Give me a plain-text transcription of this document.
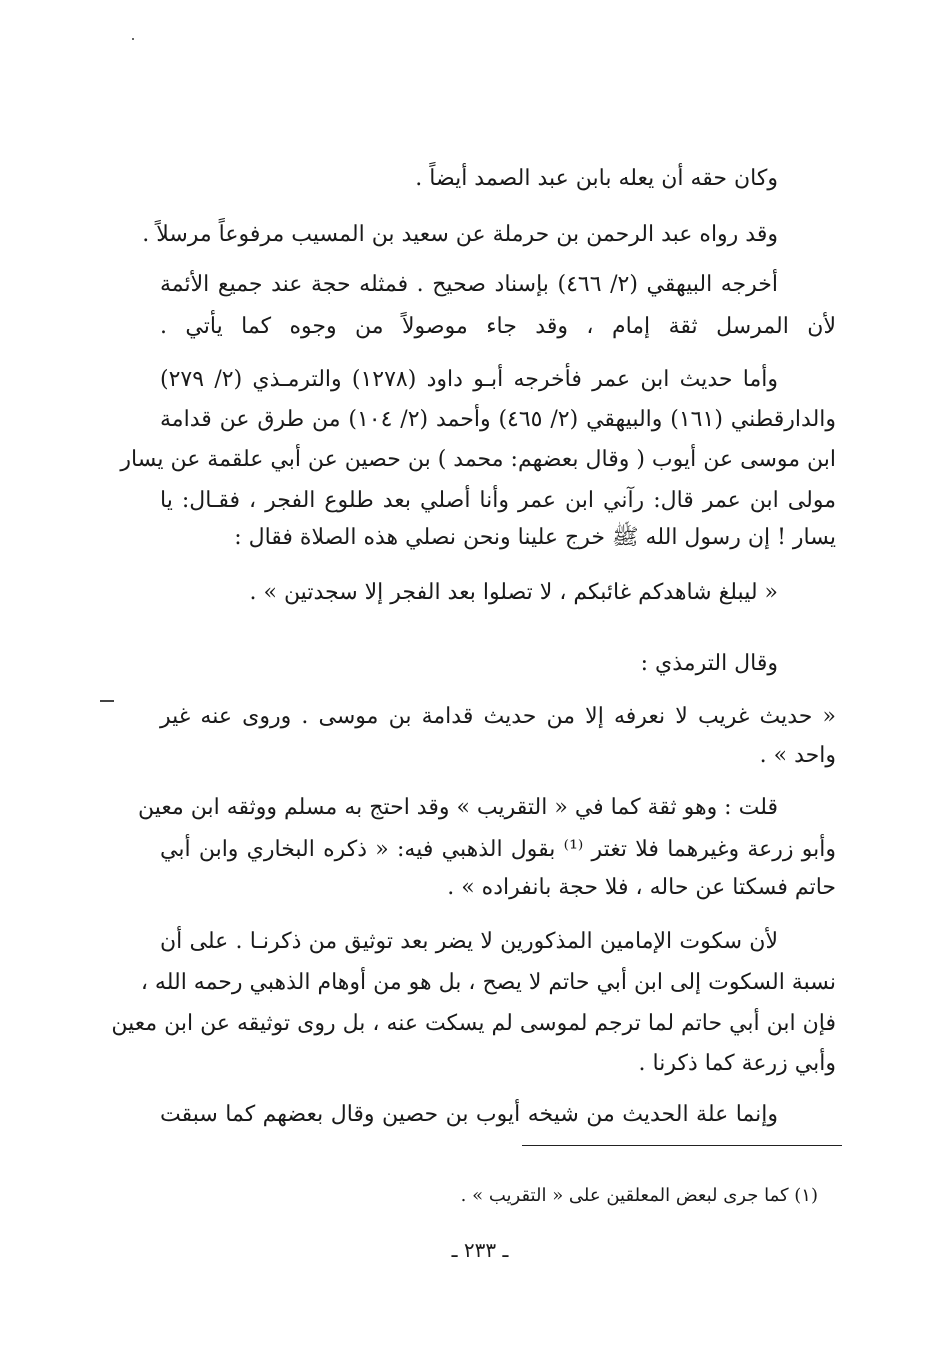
وكان حقه أن يعله بابن عبد الصمد أيضاً .
وقد رواه عبد الرحمن بن حرملة عن سعيد بن المسيب مرفوعاً مرسلاً .
أخرجه البيهقي (٢/ ٤٦٦) بإسناد صحيح . فمثله حجة عند جميع الأئمة
لأن المرسل ثقة إمام ، وقد جاء موصولاً من وجوه كما يأتي .
وأما حديث ابن عمر فأخرجه أبـو داود (١٢٧٨) والترمـذي (٢/ ٢٧٩)
والدارقطني (١٦١) والبيهقي (٢/ ٤٦٥) وأحمد (٢/ ١٠٤) من طرق عن قدامة
ابن موسى عن أيوب ( وقال بعضهم: محمد ) بن حصين عن أبي علقمة عن يسار
مولى ابن عمر قال: رآني ابن عمر وأنا أصلي بعد طلوع الفجر ، فقـال: يا
يسار ! إن رسول الله ﷺ خرج علينا ونحن نصلي هذه الصلاة فقال :
« ليبلغ شاهدكم غائبكم ، لا تصلوا بعد الفجر إلا سجدتين » .
وقال الترمذي :
« حديث غريب لا نعرفه إلا من حديث قدامة بن موسى . وروى عنه غير
واحد » .
قلت : وهو ثقة كما في « التقريب » وقد احتج به مسلم ووثقه ابن معين
وأبو زرعة وغيرهما فلا تغتر ⁽¹⁾ بقول الذهبي فيه: « ذكره البخاري وابن أبي
حاتم فسكتا عن حاله ، فلا حجة بانفراده » .
لأن سكوت الإمامين المذكورين لا يضر بعد توثيق من ذكرنـا . على أن
نسبة السكوت إلى ابن أبي حاتم لا يصح ، بل هو من أوهام الذهبي رحمه الله ،
فإن ابن أبي حاتم لما ترجم لموسى لم يسكت عنه ، بل روى توثيقه عن ابن معين
وأبي زرعة كما ذكرنا .
وإنما علة الحديث من شيخه أيوب بن حصين وقال بعضهم كما سبقت
(١) كما جرى لبعض المعلقين على « التقريب » .
ـ ٢٣٣ ـ
